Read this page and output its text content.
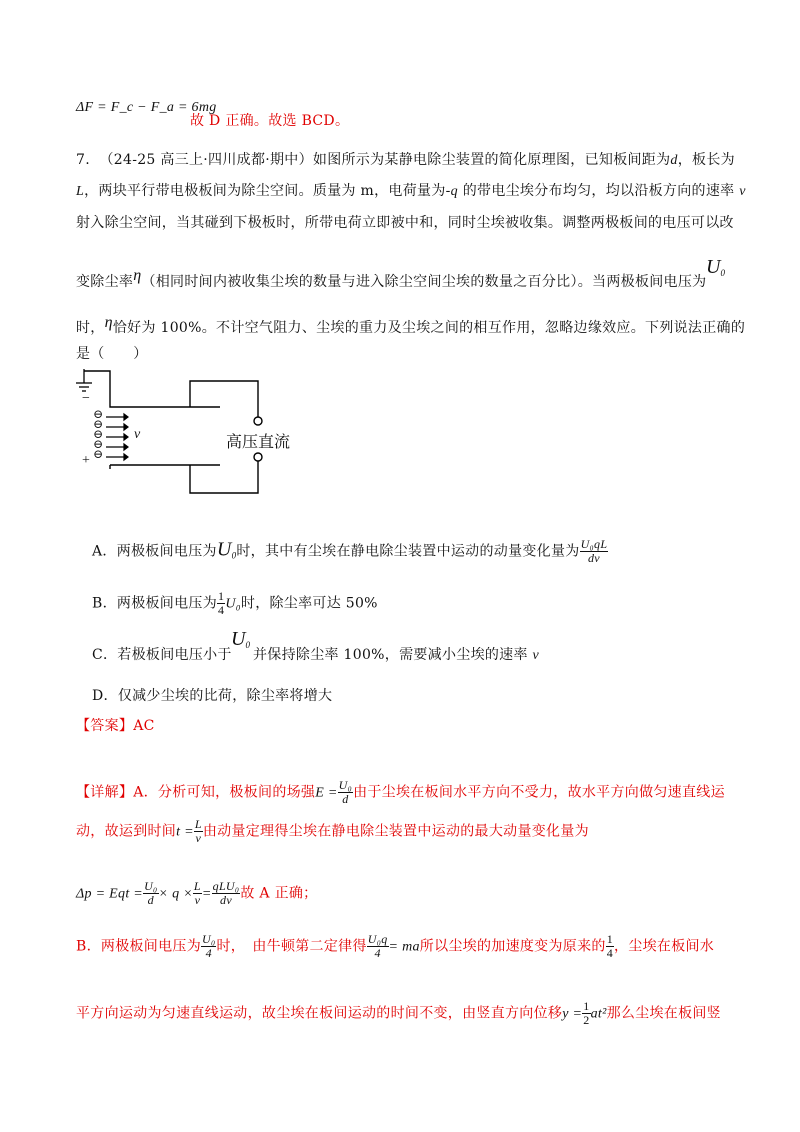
ΔF = F_c − F_a = 6mg
故 D 正确。故选 BCD。
7. （24-25 高三上·四川成都·期中）如图所示为某静电除尘装置的简化原理图，已知板间距为d，板长为
L，两块平行带电极板间为除尘空间。质量为 m，电荷量为-q 的带电尘埃分布均匀，均以沿板方向的速率 v
射入除尘空间，当其碰到下极板时，所带电荷立即被中和，同时尘埃被收集。调整两极板间的电压可以改
变除尘率η（相同时间内被收集尘埃的数量与进入除尘空间尘埃的数量之百分比）。当两极板间电压为
$U_0$
时，η恰好为 100%。不计空气阻力、尘埃的重力及尘埃之间的相互作用，忽略边缘效应。下列说法正确的
是（　　）
−
+
⊖
⊖
⊖
⊖
⊖
v	高压直流
A．两极板间电压为$U_0$时，其中有尘埃在静电除尘装置中运动的动量变化量为 $\frac{\text{U₀qL}}{dv}$
B．两极板间电压为 $\frac{1}{4} U_0$时，除尘率可达 50%
C．若极板间电压小于
$U_0$
并保持除尘率 100%，需要减小尘埃的速率 v
D．仅减少尘埃的比荷，除尘率将增大
【答案】AC
【详解】A．分析可知，极板间的场强$E = \frac{\text{U₀}}{d}$ 由于尘埃在板间水平方向不受力，故水平方向做匀速直线运
动，故运到时间$t = \frac{L}{v}$ 由动量定理得尘埃在静电除尘装置中运动的最大动量变化量为
Δp = Eqt = $\frac{\text{U₀}}{d} \times q \times \frac{L}{v} = \frac{\text{qLU₀}}{dv}$ 故 A 正确；
B．两极板间电压为 $\frac{\text{U₀}}{4}$ 时，　由牛顿第二定律得 $\frac{\text{U₀q}}{4}$ = ma所以尘埃的加速度变为原来的 $\frac{1}{4}$ ，尘埃在板间水
平方向运动为匀速直线运动，故尘埃在板间运动的时间不变，由竖直方向位移$y = \frac{1}{2} at^2$那么尘埃在板间竖
